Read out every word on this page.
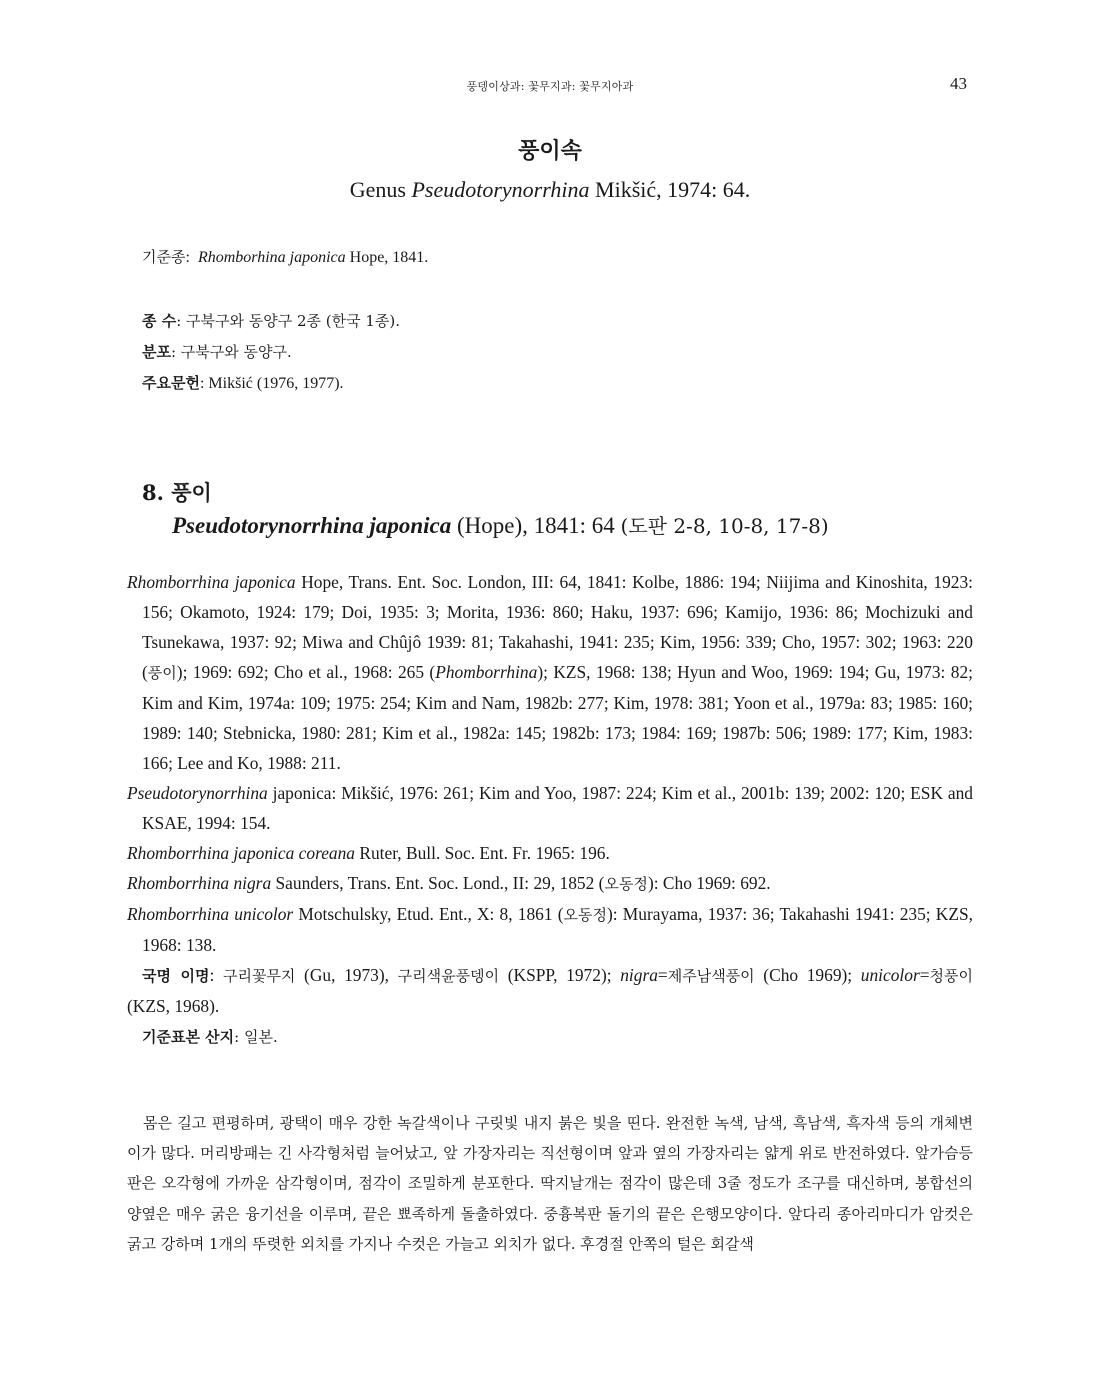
풍뎅이상과: 꽃무지과: 꽃무지아과	43
풍이속
Genus Pseudotorynorrhina Mikšić, 1974: 64.
기준종:  Rhomborhina japonica Hope, 1841.
종 수: 구북구와 동양구 2종 (한국 1종).
분포: 구북구와 동양구.
주요문헌: Mikšić (1976, 1977).
8. 풍이
Pseudotorynorrhina japonica (Hope), 1841: 64 (도판 2-8, 10-8, 17-8)

Rhomborrhina japonica Hope, Trans. Ent. Soc. London, III: 64, 1841: Kolbe, 1886: 194; Niijima and Kinoshita, 1923: 156; Okamoto, 1924: 179; Doi, 1935: 3; Morita, 1936: 860; Haku, 1937: 696; Kamijo, 1936: 86; Mochizuki and Tsunekawa, 1937: 92; Miwa and Chûjô 1939: 81; Takahashi, 1941: 235; Kim, 1956: 339; Cho, 1957: 302; 1963: 220 (풍이); 1969: 692; Cho et al., 1968: 265 (Phomborrhina); KZS, 1968: 138; Hyun and Woo, 1969: 194; Gu, 1973: 82; Kim and Kim, 1974a: 109; 1975: 254; Kim and Nam, 1982b: 277; Kim, 1978: 381; Yoon et al., 1979a: 83; 1985: 160; 1989: 140; Stebnicka, 1980: 281; Kim et al., 1982a: 145; 1982b: 173; 1984: 169; 1987b: 506; 1989: 177; Kim, 1983: 166; Lee and Ko, 1988: 211.

Pseudotorynorrhina japonica: Mikšić, 1976: 261; Kim and Yoo, 1987: 224; Kim et al., 2001b: 139; 2002: 120; ESK and KSAE, 1994: 154.

Rhomborrhina japonica coreana Ruter, Bull. Soc. Ent. Fr. 1965: 196.

Rhomborrhina nigra Saunders, Trans. Ent. Soc. Lond., II: 29, 1852 (오동정): Cho 1969: 692.

Rhomborrhina unicolor Motschulsky, Etud. Ent., X: 8, 1861 (오동정): Murayama, 1937: 36; Takahashi 1941: 235; KZS, 1968: 138.

국명 이명: 구리꽃무지 (Gu, 1973), 구리색윤풍뎅이 (KSPP, 1972); nigra=제주남색풍이 (Cho 1969); unicolor=청풍이 (KZS, 1968).

기준표본 산지: 일본.

몸은 길고 편평하며, 광택이 매우 강한 녹갈색이나 구릿빛 내지 붉은 빛을 띤다. 완전한 녹색, 남색, 흑남색, 흑자색 등의 개체변이가 많다. 머리방패는 긴 사각형처럼 늘어났고, 앞 가장자리는 직선형이며 앞과 옆의 가장자리는 얇게 위로 반전하였다. 앞가슴등판은 오각형에 가까운 삼각형이며, 점각이 조밀하게 분포한다. 딱지날개는 점각이 많은데 3줄 정도가 조구를 대신하며, 봉합선의 양옆은 매우 굵은 융기선을 이루며, 끝은 뾰족하게 돌출하였다. 중흉복판 돌기의 끝은 은행모양이다. 앞다리 종아리마디가 암컷은 굵고 강하며 1개의 뚜렷한 외치를 가지나 수컷은 가늘고 외치가 없다. 후경절 안쪽의 털은 회갈색
